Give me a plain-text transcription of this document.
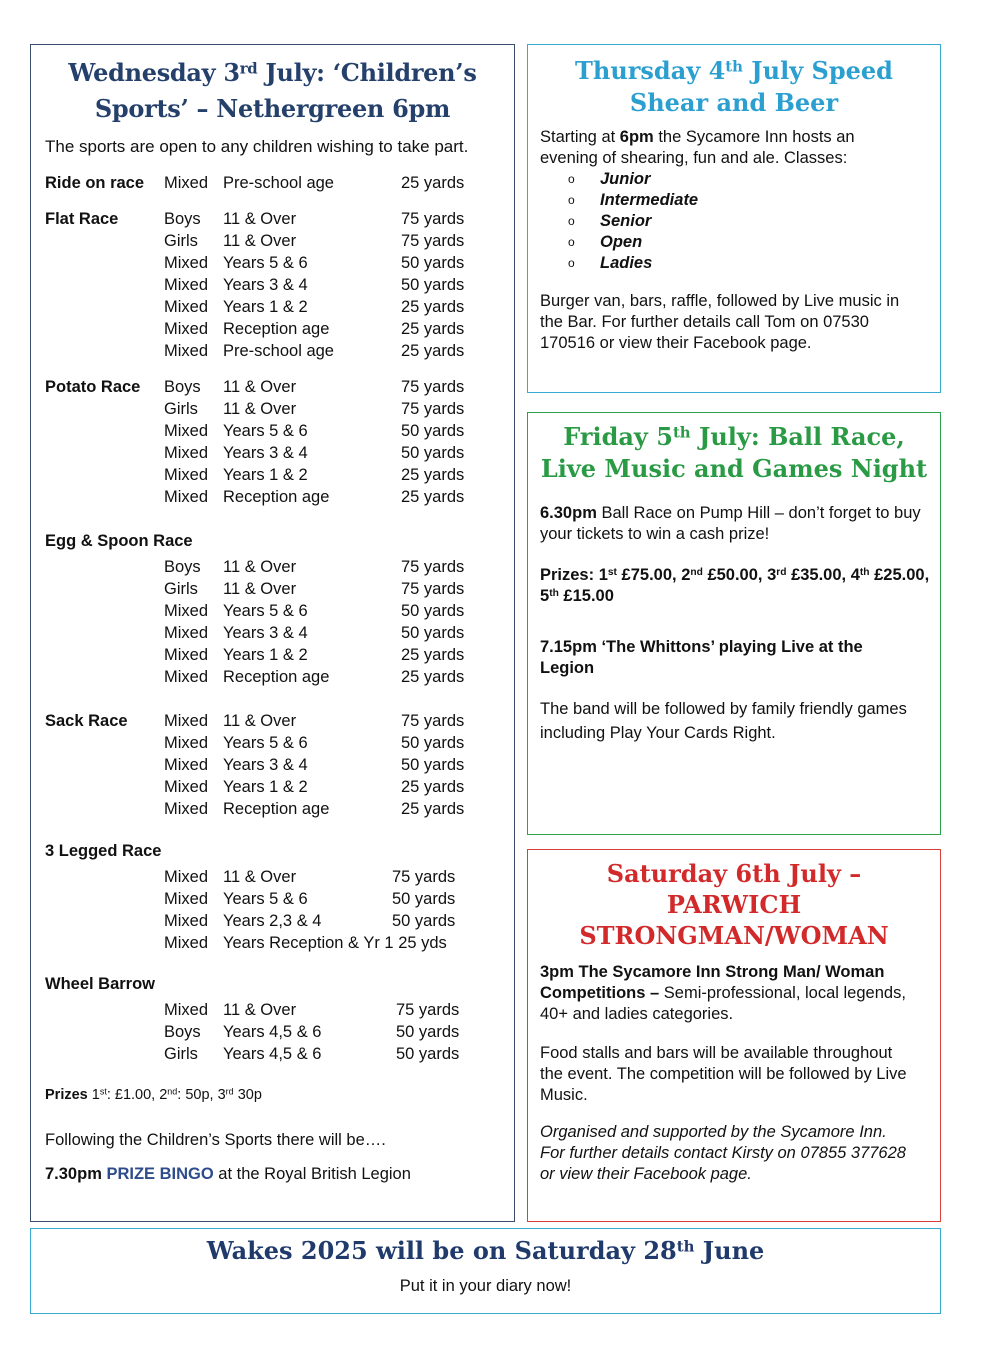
Wednesday 3rd July: ‘Children’s
Sports’ – Nethergreen 6pm
The sports are open to any children wishing to take part.
Ride on race Mixed Pre-school age	25 yards
Flat Race	Boys 11 & Over	75 yards
Girls 11 & Over	75 yards
Mixed Years 5 & 6	50 yards
Mixed Years 3 & 4	50 yards
Mixed Years 1 & 2	25 yards
Mixed Reception age	25 yards
Mixed Pre-school age	25 yards
Potato Race Boys 11 & Over	75 yards
Girls 11 & Over	75 yards
Mixed Years 5 & 6	50 yards
Mixed Years 3 & 4	50 yards
Mixed Years 1 & 2	25 yards
Mixed Reception age	25 yards
Egg & Spoon Race
Boys 11 & Over	75 yards
Girls 11 & Over	75 yards
Mixed Years 5 & 6	50 yards
Mixed Years 3 & 4	50 yards
Mixed Years 1 & 2	25 yards
Mixed Reception age	25 yards
Sack Race Mixed 11 & Over	75 yards
Mixed Years 5 & 6	50 yards
Mixed Years 3 & 4	50 yards
Mixed Years 1 & 2	25 yards
Mixed Reception age	25 yards
3 Legged Race
Mixed 11 & Over	75 yards
Mixed Years 5 & 6	50 yards
Mixed Years 2,3 & 4	50 yards
Mixed Years Reception & Yr 1 25 yds
Wheel Barrow
Mixed 11 & Over	75 yards
Boys Years 4,5 & 6	50 yards
Girls Years 4,5 & 6	50 yards
Prizes 1st: £1.00, 2nd: 50p, 3rd 30p
Following the Children’s Sports there will be….
7.30pm PRIZE BINGO at the Royal British Legion
Thursday 4th July Speed
Shear and Beer
Starting at 6pm the Sycamore Inn hosts an evening of shearing, fun and ale. Classes:
o Junior
o Intermediate
o Senior
o Open
o Ladies
Burger van, bars, raffle, followed by Live music in the Bar. For further details call Tom on 07530 170516 or view their Facebook page.
Friday 5th July: Ball Race,
Live Music and Games Night
6.30pm Ball Race on Pump Hill – don’t forget to buy your tickets to win a cash prize!
Prizes: 1st £75.00, 2nd £50.00, 3rd £35.00, 4th £25.00, 5th £15.00
7.15pm ‘The Whittons’ playing Live at the Legion
The band will be followed by family friendly games including Play Your Cards Right.
Saturday 6th July –
PARWICH
STRONGMAN/WOMAN
3pm The Sycamore Inn Strong Man/ Woman Competitions – Semi-professional, local legends, 40+ and ladies categories.
Food stalls and bars will be available throughout the event. The competition will be followed by Live Music.
Organised and supported by the Sycamore Inn. For further details contact Kirsty on 07855 377628 or view their Facebook page.
Wakes 2025 will be on Saturday 28th June
Put it in your diary now!
